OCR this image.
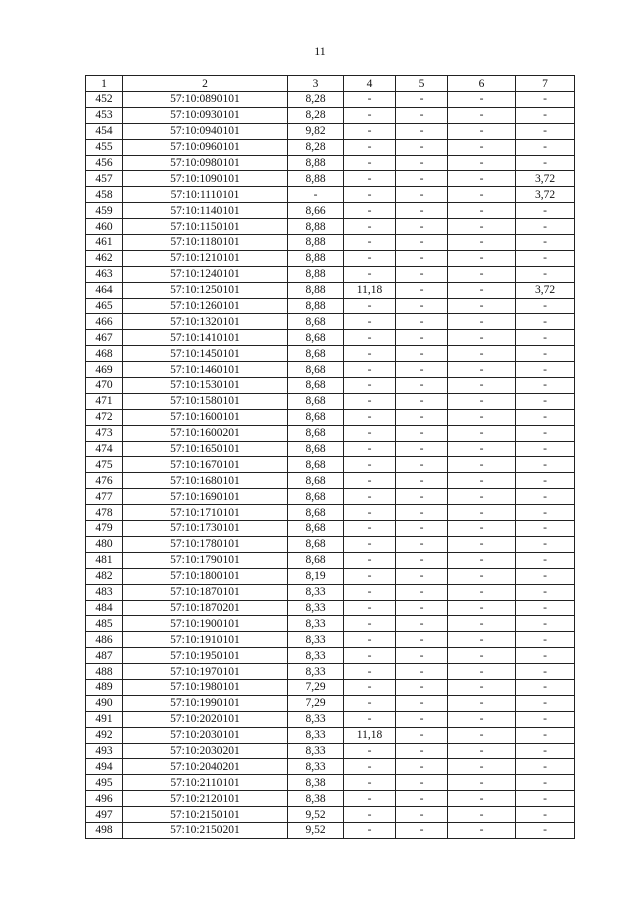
11
1	2	3	4	5	6	7
452	57:10:0890101	8,28	-	-	-	-
453	57:10:0930101	8,28	-	-	-	-
454	57:10:0940101	9,82	-	-	-	-
455	57:10:0960101	8,28	-	-	-	-
456	57:10:0980101	8,88	-	-	-	-
457	57:10:1090101	8,88	-	-	-	3,72
458	57:10:1110101	-	-	-	-	3,72
459	57:10:1140101	8,66	-	-	-	-
460	57:10:1150101	8,88	-	-	-	-
461	57:10:1180101	8,88	-	-	-	-
462	57:10:1210101	8,88	-	-	-	-
463	57:10:1240101	8,88	-	-	-	-
464	57:10:1250101	8,88	11,18	-	-	3,72
465	57:10:1260101	8,88	-	-	-	-
466	57:10:1320101	8,68	-	-	-	-
467	57:10:1410101	8,68	-	-	-	-
468	57:10:1450101	8,68	-	-	-	-
469	57:10:1460101	8,68	-	-	-	-
470	57:10:1530101	8,68	-	-	-	-
471	57:10:1580101	8,68	-	-	-	-
472	57:10:1600101	8,68	-	-	-	-
473	57:10:1600201	8,68	-	-	-	-
474	57:10:1650101	8,68	-	-	-	-
475	57:10:1670101	8,68	-	-	-	-
476	57:10:1680101	8,68	-	-	-	-
477	57:10:1690101	8,68	-	-	-	-
478	57:10:1710101	8,68	-	-	-	-
479	57:10:1730101	8,68	-	-	-	-
480	57:10:1780101	8,68	-	-	-	-
481	57:10:1790101	8,68	-	-	-	-
482	57:10:1800101	8,19	-	-	-	-
483	57:10:1870101	8,33	-	-	-	-
484	57:10:1870201	8,33	-	-	-	-
485	57:10:1900101	8,33	-	-	-	-
486	57:10:1910101	8,33	-	-	-	-
487	57:10:1950101	8,33	-	-	-	-
488	57:10:1970101	8,33	-	-	-	-
489	57:10:1980101	7,29	-	-	-	-
490	57:10:1990101	7,29	-	-	-	-
491	57:10:2020101	8,33	-	-	-	-
492	57:10:2030101	8,33	11,18	-	-	-
493	57:10:2030201	8,33	-	-	-	-
494	57:10:2040201	8,33	-	-	-	-
495	57:10:2110101	8,38	-	-	-	-
496	57:10:2120101	8,38	-	-	-	-
497	57:10:2150101	9,52	-	-	-	-
498	57:10:2150201	9,52	-	-	-	-
